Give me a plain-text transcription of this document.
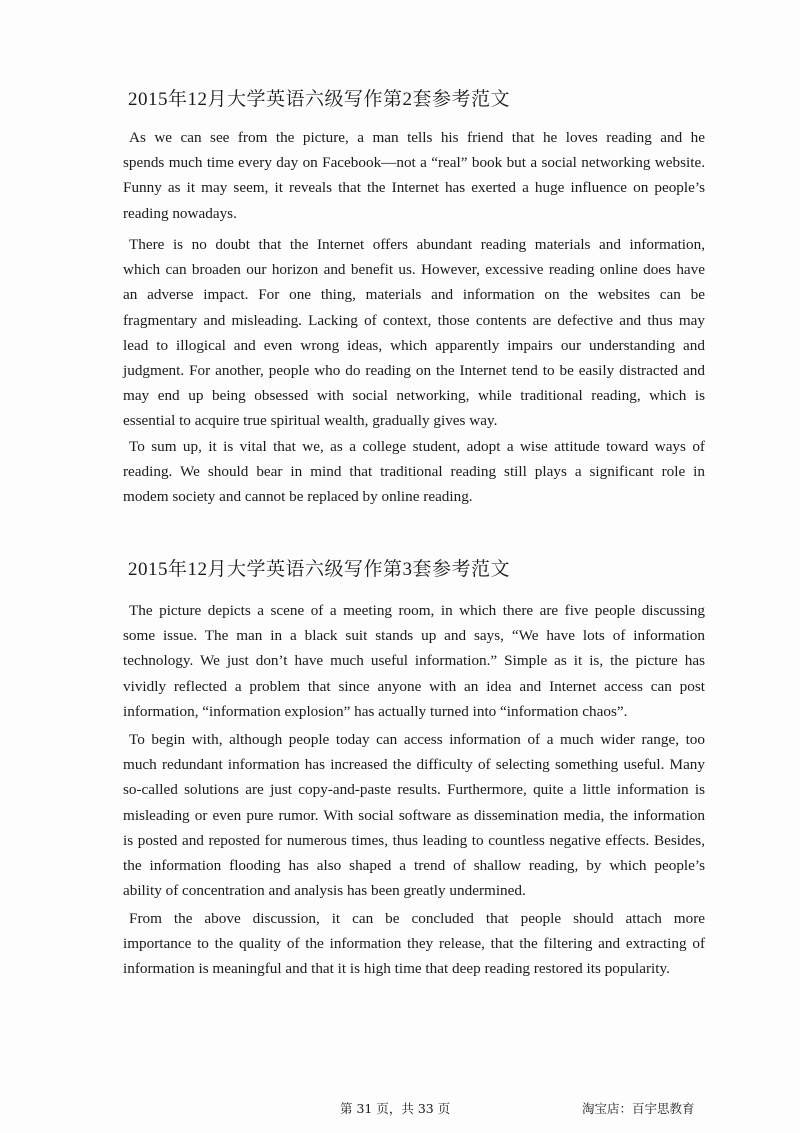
2015年12月大学英语六级写作第2套参考范文
As we can see from the picture, a man tells his friend that he loves reading and he
spends much time every day on Facebook—not a “real” book but a social networking website.
Funny as it may seem, it reveals that the Internet has exerted a huge influence on people’s
reading nowadays.
There is no doubt that the Internet offers abundant reading materials and information,
which can broaden our horizon and benefit us. However, excessive reading online does have
an adverse impact. For one thing, materials and information on the websites can be
fragmentary and misleading. Lacking of context, those contents are defective and thus may
lead to illogical and even wrong ideas, which apparently impairs our understanding and
judgment. For another, people who do reading on the Internet tend to be easily distracted and
may end up being obsessed with social networking, while traditional reading, which is
essential to acquire true spiritual wealth, gradually gives way.
To sum up, it is vital that we, as a college student, adopt a wise attitude toward ways of
reading. We should bear in mind that traditional reading still plays a significant role in
modem society and cannot be replaced by online reading.
2015年12月大学英语六级写作第3套参考范文
The picture depicts a scene of a meeting room, in which there are five people discussing
some issue. The man in a black suit stands up and says, “We have lots of information
technology. We just don’t have much useful information.” Simple as it is, the picture has
vividly reflected a problem that since anyone with an idea and Internet access can post
information, “information explosion” has actually turned into “information chaos”.
To begin with, although people today can access information of a much wider range, too
much redundant information has increased the difficulty of selecting something useful. Many
so-called solutions are just copy-and-paste results. Furthermore, quite a little information is
misleading or even pure rumor. With social software as dissemination media, the information
is posted and reposted for numerous times, thus leading to countless negative effects. Besides,
the information flooding has also shaped a trend of shallow reading, by which people’s
ability of concentration and analysis has been greatly undermined.
From the above discussion, it can be concluded that people should attach more
importance to the quality of the information they release, that the filtering and extracting of
information is meaningful and that it is high time that deep reading restored its popularity.
第 31 页，共 33 页	淘宝店：百宇思教育
